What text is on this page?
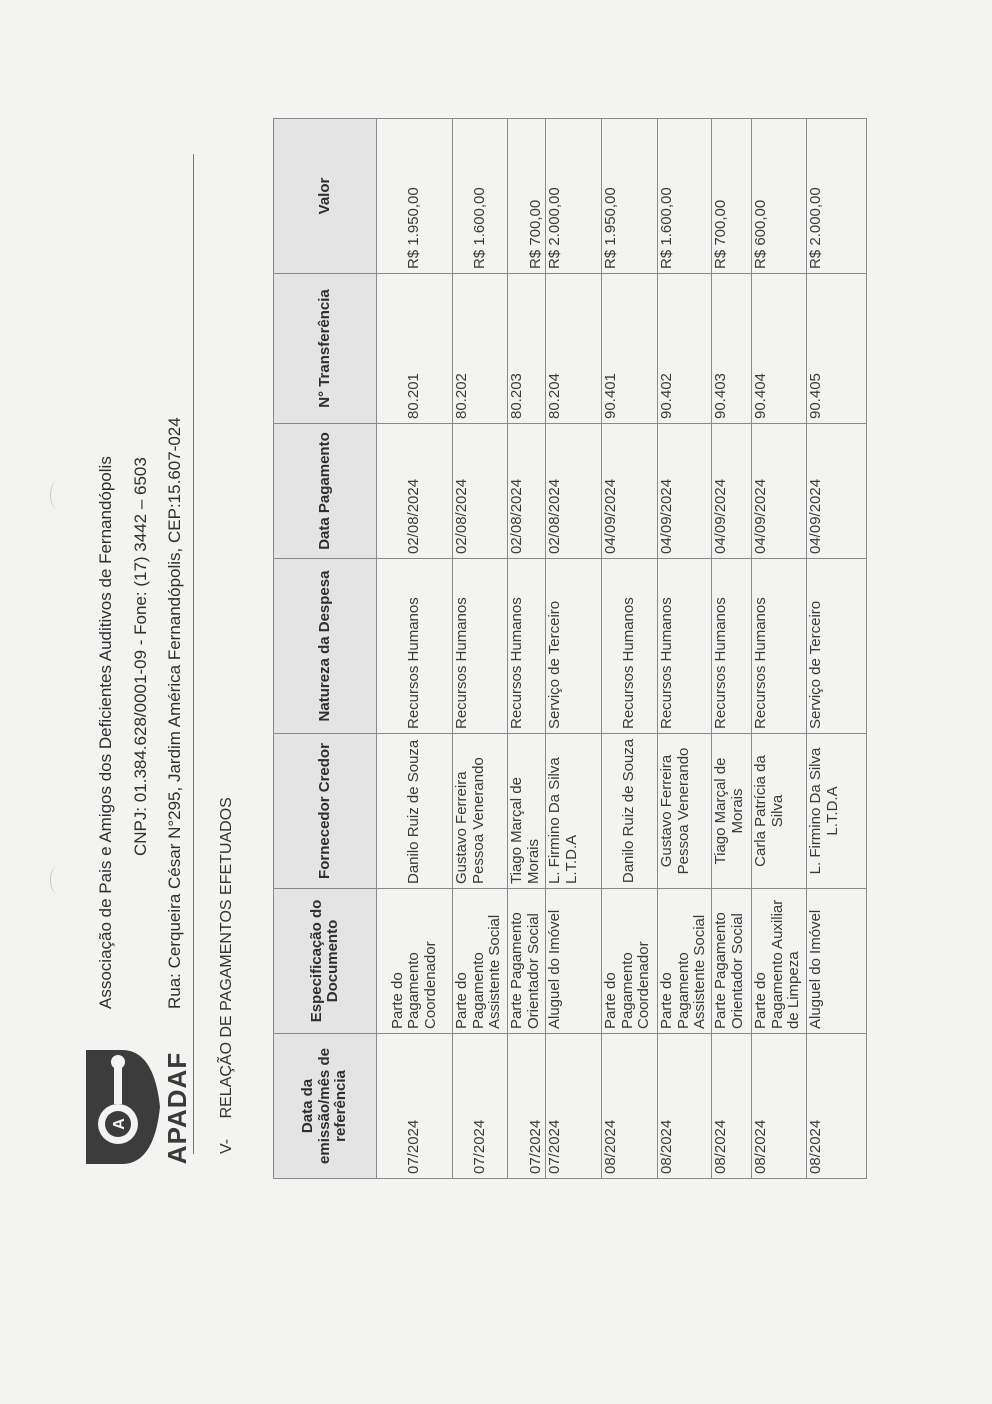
A APADAF
Associação de Pais e Amigos dos Deficientes Auditivos de Fernandópolis CNPJ: 01.384.628/0001-09 - Fone: (17) 3442 – 6503 Rua: Cerqueira César N°295, Jardim América Fernandópolis, CEP:15.607-024
V- RELAÇÃO DE PAGAMENTOS EFETUADOS	Data da emissão/mês de referência	Especificação do Documento	Fornecedor Credor	Natureza da Despesa	Data Pagamento	N° Transferência	Valor
07/2024	Parte do Pagamento Coordenador	Danilo Ruiz de Souza	Recursos Humanos	02/08/2024	80.201	R$ 1.950,00
07/2024	Parte do Pagamento Assistente Social	Gustavo Ferreira Pessoa Venerando	Recursos Humanos	02/08/2024	80.202	R$ 1.600,00
07/2024	Parte Pagamento Orientador Social	Tiago Marçal de Morais	Recursos Humanos	02/08/2024	80.203	R$ 700,00
07/2024	Aluguel do Imóvel	L. Firmino Da Silva L.T.D.A	Serviço de Terceiro	02/08/2024	80.204	R$ 2.000,00
08/2024	Parte do Pagamento Coordenador	Danilo Ruiz de Souza	Recursos Humanos	04/09/2024	90.401	R$ 1.950,00
08/2024	Parte do Pagamento Assistente Social	Gustavo Ferreira Pessoa Venerando	Recursos Humanos	04/09/2024	90.402	R$ 1.600,00
08/2024	Parte Pagamento Orientador Social	Tiago Marçal de Morais	Recursos Humanos	04/09/2024	90.403	R$ 700,00
08/2024	Parte do Pagamento Auxiliar de Limpeza	Carla Patrícia da Silva	Recursos Humanos	04/09/2024	90.404	R$ 600,00
08/2024	Aluguel do Imóvel	L. Firmino Da Silva L.T.D.A	Serviço de Terceiro	04/09/2024	90.405	R$ 2.000,00
